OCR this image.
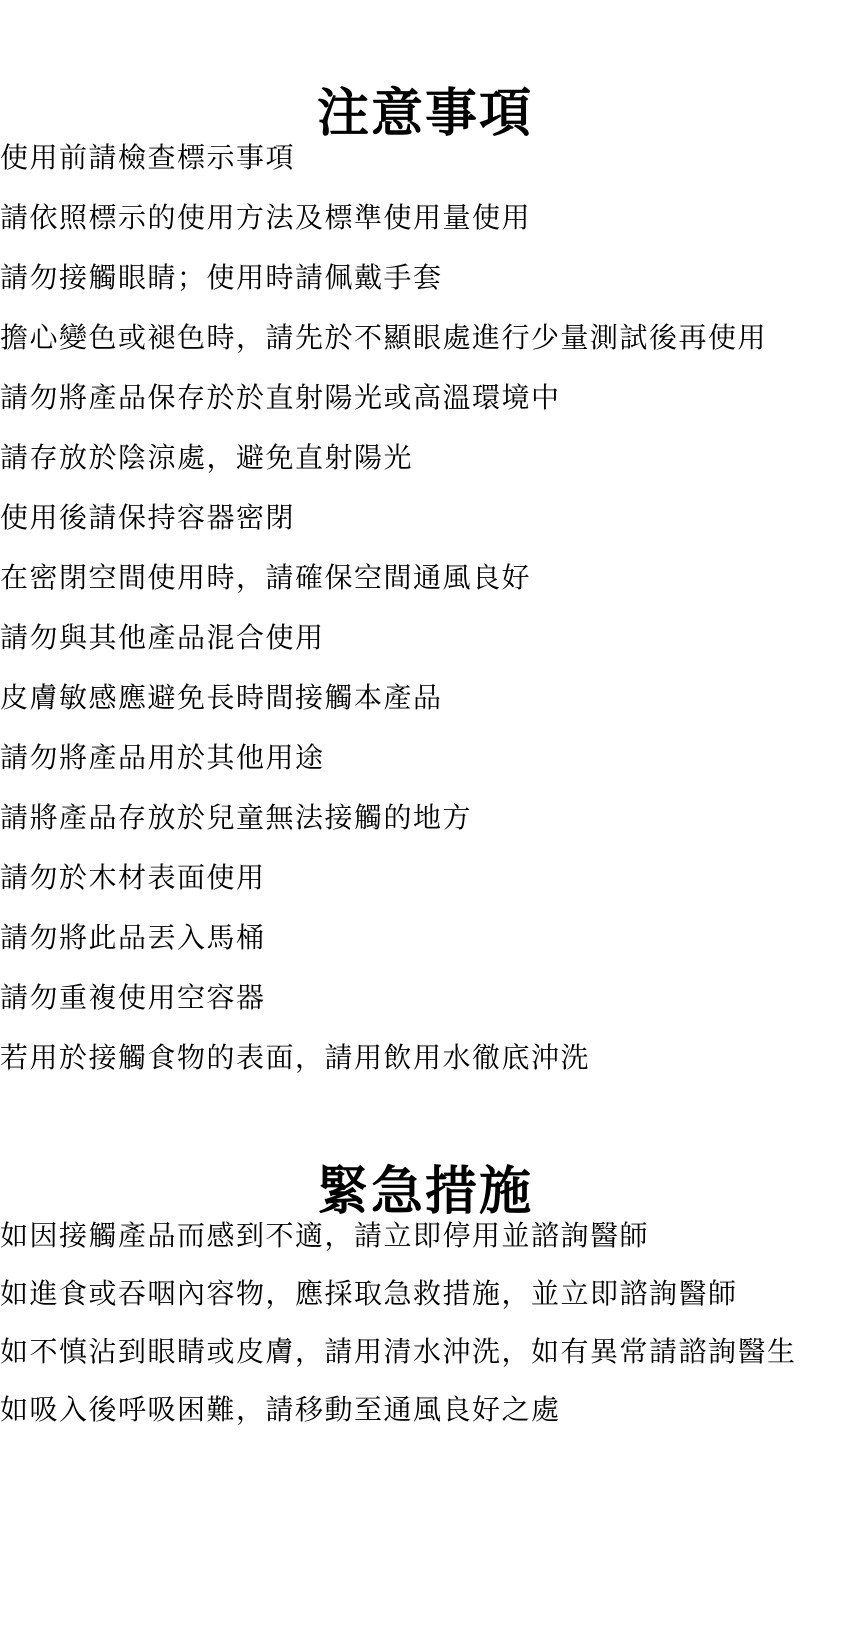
注意事項
使用前請檢查標示事項
請依照標示的使用方法及標準使用量使用
請勿接觸眼睛；使用時請佩戴手套
擔心變色或褪色時，請先於不顯眼處進行少量測試後再使用
請勿將產品保存於於直射陽光或高溫環境中
請存放於陰涼處，避免直射陽光
使用後請保持容器密閉
在密閉空間使用時，請確保空間通風良好
請勿與其他產品混合使用
皮膚敏感應避免長時間接觸本產品
請勿將產品用於其他用途
請將產品存放於兒童無法接觸的地方
請勿於木材表面使用
請勿將此品丟入馬桶
請勿重複使用空容器
若用於接觸食物的表面，請用飲用水徹底沖洗
緊急措施
如因接觸產品而感到不適，請立即停用並諮詢醫師
如進食或吞咽內容物，應採取急救措施，並立即諮詢醫師
如不慎沾到眼睛或皮膚，請用清水沖洗，如有異常請諮詢醫生
如吸入後呼吸困難，請移動至通風良好之處
